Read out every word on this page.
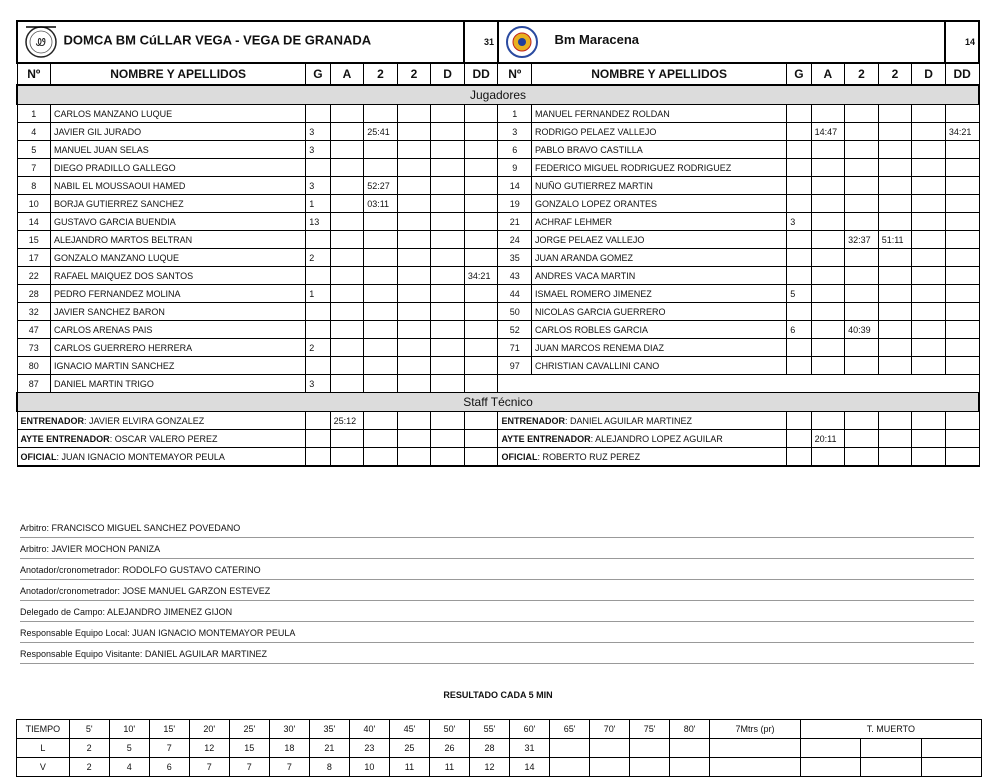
Ꮺ DOMCA BM CúLLAR VEGA - VEGA DE GRANADA							31	Bm Maracena							14
Nº	NOMBRE Y APELLIDOS	G	A	2	2	D	DD	Nº	NOMBRE Y APELLIDOS	G	A	2	2	D	DD
Jugadores															
1	CARLOS MANZANO LUQUE							1	MANUEL FERNANDEZ ROLDAN						
4	JAVIER GIL JURADO	3		25:41				3	RODRIGO PELAEZ VALLEJO		14:47				34:21
5	MANUEL JUAN SELAS	3						6	PABLO BRAVO CASTILLA						
7	DIEGO PRADILLO GALLEGO							9	FEDERICO MIGUEL RODRIGUEZ RODRIGUEZ						
8	NABIL EL MOUSSAOUI HAMED	3		52:27				14	NUÑO GUTIERREZ MARTIN						
10	BORJA GUTIERREZ SANCHEZ	1		03:11				19	GONZALO LOPEZ ORANTES						
14	GUSTAVO GARCIA BUENDIA	13						21	ACHRAF LEHMER	3					
15	ALEJANDRO MARTOS BELTRAN							24	JORGE PELAEZ VALLEJO			32:37	51:11		
17	GONZALO MANZANO LUQUE	2						35	JUAN ARANDA GOMEZ						
22	RAFAEL MAIQUEZ DOS SANTOS						34:21	43	ANDRES VACA MARTIN						
28	PEDRO FERNANDEZ MOLINA	1						44	ISMAEL ROMERO JIMENEZ	5					
32	JAVIER SANCHEZ BARON							50	NICOLAS GARCIA GUERRERO						
47	CARLOS ARENAS PAIS							52	CARLOS ROBLES GARCIA	6		40:39			
73	CARLOS GUERRERO HERRERA	2						71	JUAN MARCOS RENEMA DIAZ						
80	IGNACIO MARTIN SANCHEZ							97	CHRISTIAN CAVALLINI CANO						
87	DANIEL MARTIN TRIGO	3													
Staff Técnico															
ENTRENADOR: JAVIER ELVIRA GONZALEZ			25:12					ENTRENADOR: DANIEL AGUILAR MARTINEZ							
AYTE ENTRENADOR: OSCAR VALERO PEREZ								AYTE ENTRENADOR: ALEJANDRO LOPEZ AGUILAR			20:11				
OFICIAL: JUAN IGNACIO MONTEMAYOR PEULA								OFICIAL: ROBERTO RUZ PEREZ							
Arbitro: FRANCISCO MIGUEL SANCHEZ POVEDANO
Arbitro: JAVIER MOCHON PANIZA
Anotador/cronometrador: RODOLFO GUSTAVO CATERINO
Anotador/cronometrador: JOSE MANUEL GARZON ESTEVEZ
Delegado de Campo: ALEJANDRO JIMENEZ GIJON
Responsable Equipo Local: JUAN IGNACIO MONTEMAYOR PEULA
Responsable Equipo Visitante: DANIEL AGUILAR MARTINEZ
RESULTADO CADA 5 MIN
TIEMPO	5'	10'	15'	20'	25'	30'	35'	40'	45'	50'	55'	60'	65'	70'	75'	80'	7Mtrs (pr)	T. MUERTO
L	2	5	7	12	15	18	21	23	25	26	28	31						

V	2	4	6	7	7	7	8	10	11	11	12	14						
